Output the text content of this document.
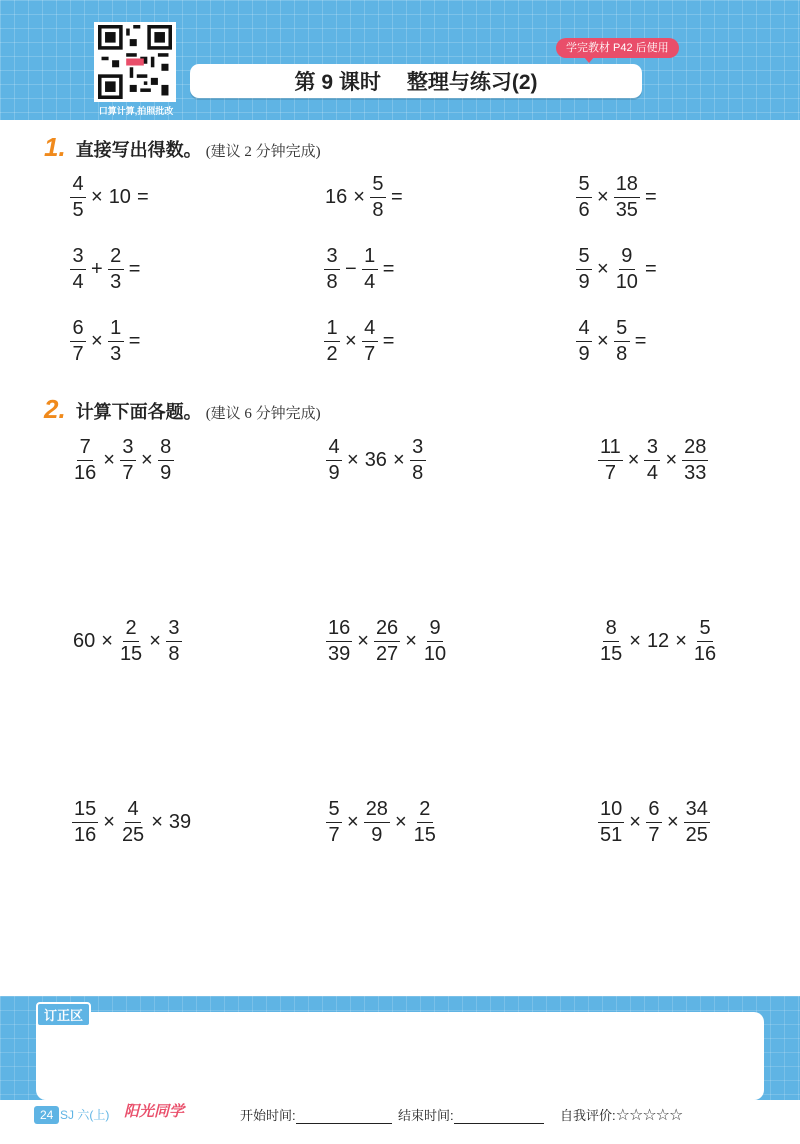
口算计算,拍照批改
学完教材 P42 后使用
第 9 课时 整理与练习(2)
1. 直接写出得数。 (建议 2 分钟完成)
2. 计算下面各题。 (建议 6 分钟完成)
$\frac{4}{5} \times 10$ =	$16 \times \frac{5}{8}$ =	$\frac{5}{6} \times \frac{18}{35}$ =
$\frac{3}{4} + \frac{2}{3}$ =	$\frac{3}{8} - \frac{1}{4}$ =	$\frac{5}{9} \times \frac{9}{10}$ =
$\frac{6}{7} \times \frac{1}{3}$ =	$\frac{1}{2} \times \frac{4}{7}$ =	$\frac{4}{9} \times \frac{5}{8}$ =
$\frac{7}{16} \times \frac{3}{7} \times \frac{8}{9}$	$\frac{4}{9} \times 36 \times \frac{3}{8}$	$\frac{11}{7} \times \frac{3}{4} \times \frac{28}{33}$
$60 \times \frac{2}{15} \times \frac{3}{8}$	$\frac{16}{39} \times \frac{26}{27} \times \frac{9}{10}$	$\frac{8}{15} \times 12 \times \frac{5}{16}$
$\frac{15}{16} \times \frac{4}{25} \times 39$	$\frac{5}{7} \times \frac{28}{9} \times \frac{2}{15}$	$\frac{10}{51} \times \frac{6}{7} \times \frac{34}{25}$
订正区
24 SJ 六(上) 阳光同学	开始时间:	结束时间:	自我评价:☆☆☆☆☆
